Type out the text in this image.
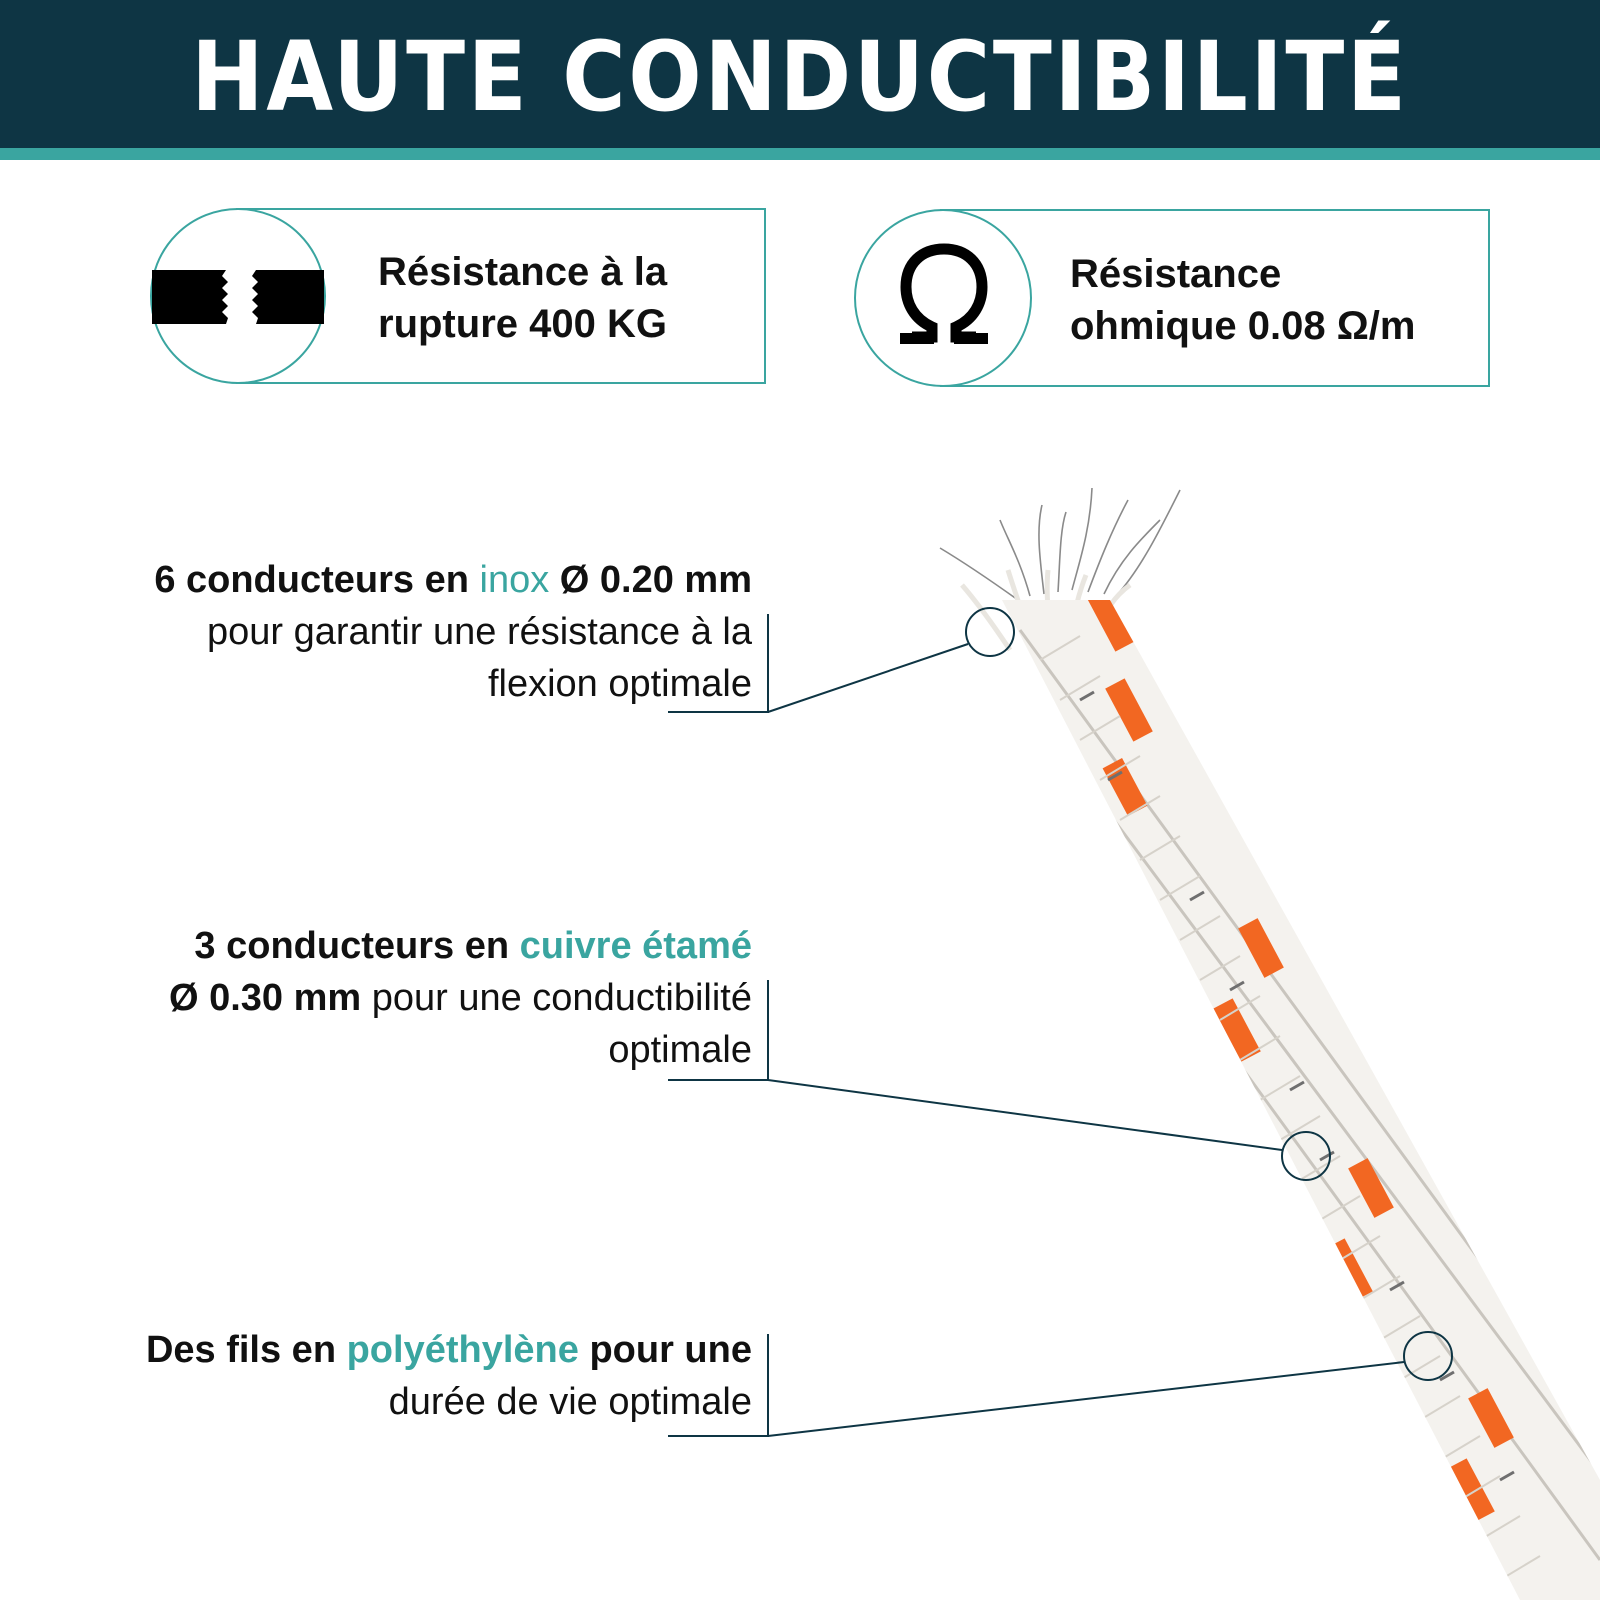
HAUTE CONDUCTIBILITÉ
Résistance à la
rupture 400 KG
Résistance
ohmique 0.08 Ω/m
6 conducteurs en inox Ø 0.20 mm
pour garantir une résistance à la
flexion optimale
3 conducteurs en cuivre étamé
Ø 0.30 mm pour une conductibilité
optimale
Des fils en polyéthylène pour une
durée de vie optimale
